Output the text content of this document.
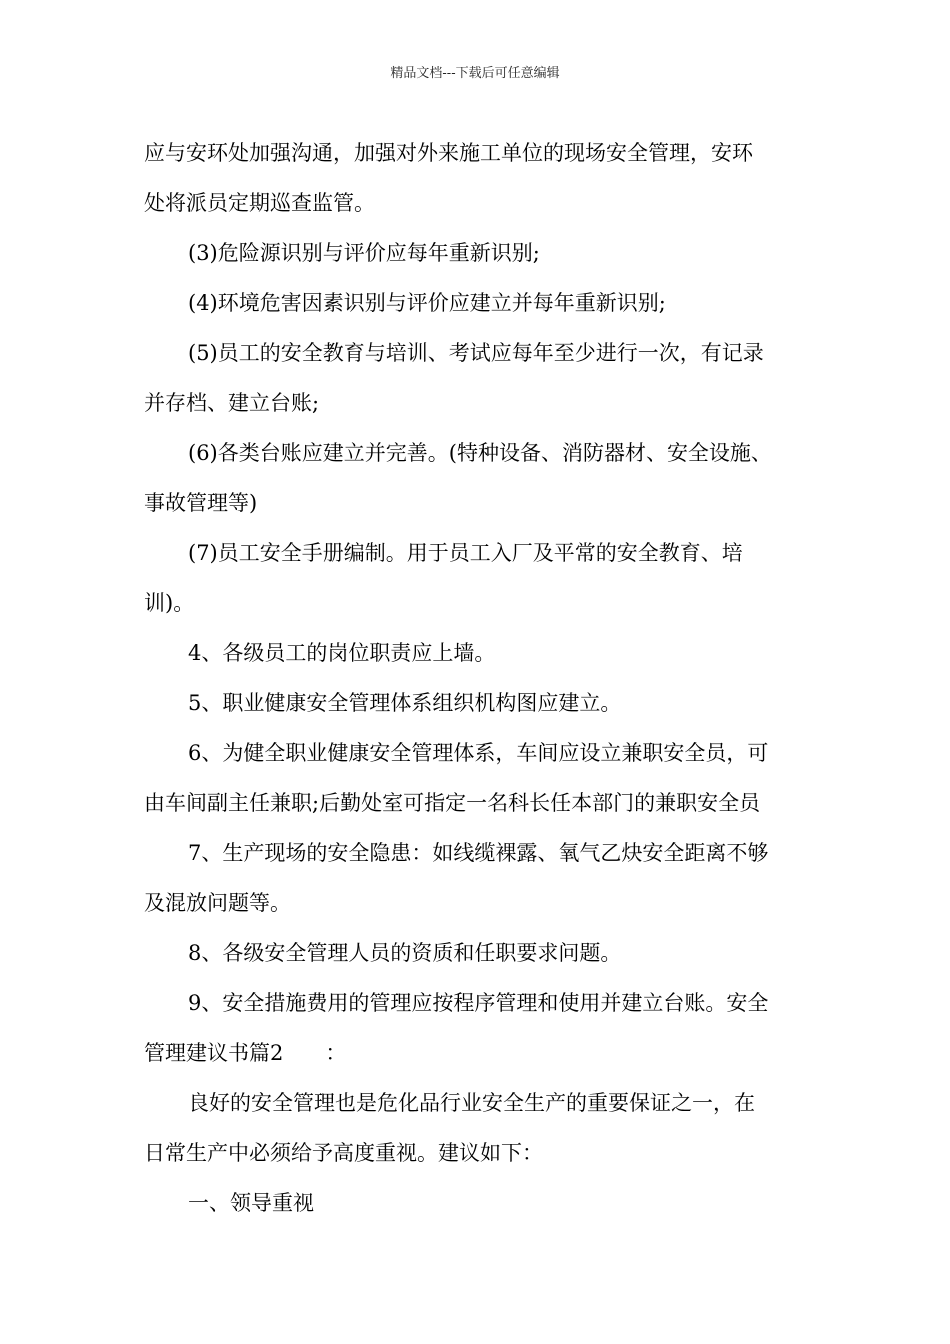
精品文档---下载后可任意编辑

应与安环处加强沟通，加强对外来施工单位的现场安全管理，安环

处将派员定期巡查监管。

(3)危险源识别与评价应每年重新识别;

(4)环境危害因素识别与评价应建立并每年重新识别;

(5)员工的安全教育与培训、考试应每年至少进行一次，有记录

并存档、建立台账;

(6)各类台账应建立并完善。(特种设备、消防器材、安全设施、

事故管理等)

(7)员工安全手册编制。用于员工入厂及平常的安全教育、培

训)。

4、各级员工的岗位职责应上墙。

5、职业健康安全管理体系组织机构图应建立。

6、为健全职业健康安全管理体系，车间应设立兼职安全员，可

由车间副主任兼职;后勤处室可指定一名科长任本部门的兼职安全员

7、生产现场的安全隐患：如线缆裸露、氧气乙炔安全距离不够

及混放问题等。

8、各级安全管理人员的资质和任职要求问题。

9、安全措施费用的管理应按程序管理和使用并建立台账。安全

管理建议书篇2　　：

良好的安全管理也是危化品行业安全生产的重要保证之一，在

日常生产中必须给予高度重视。建议如下：

一、领导重视
